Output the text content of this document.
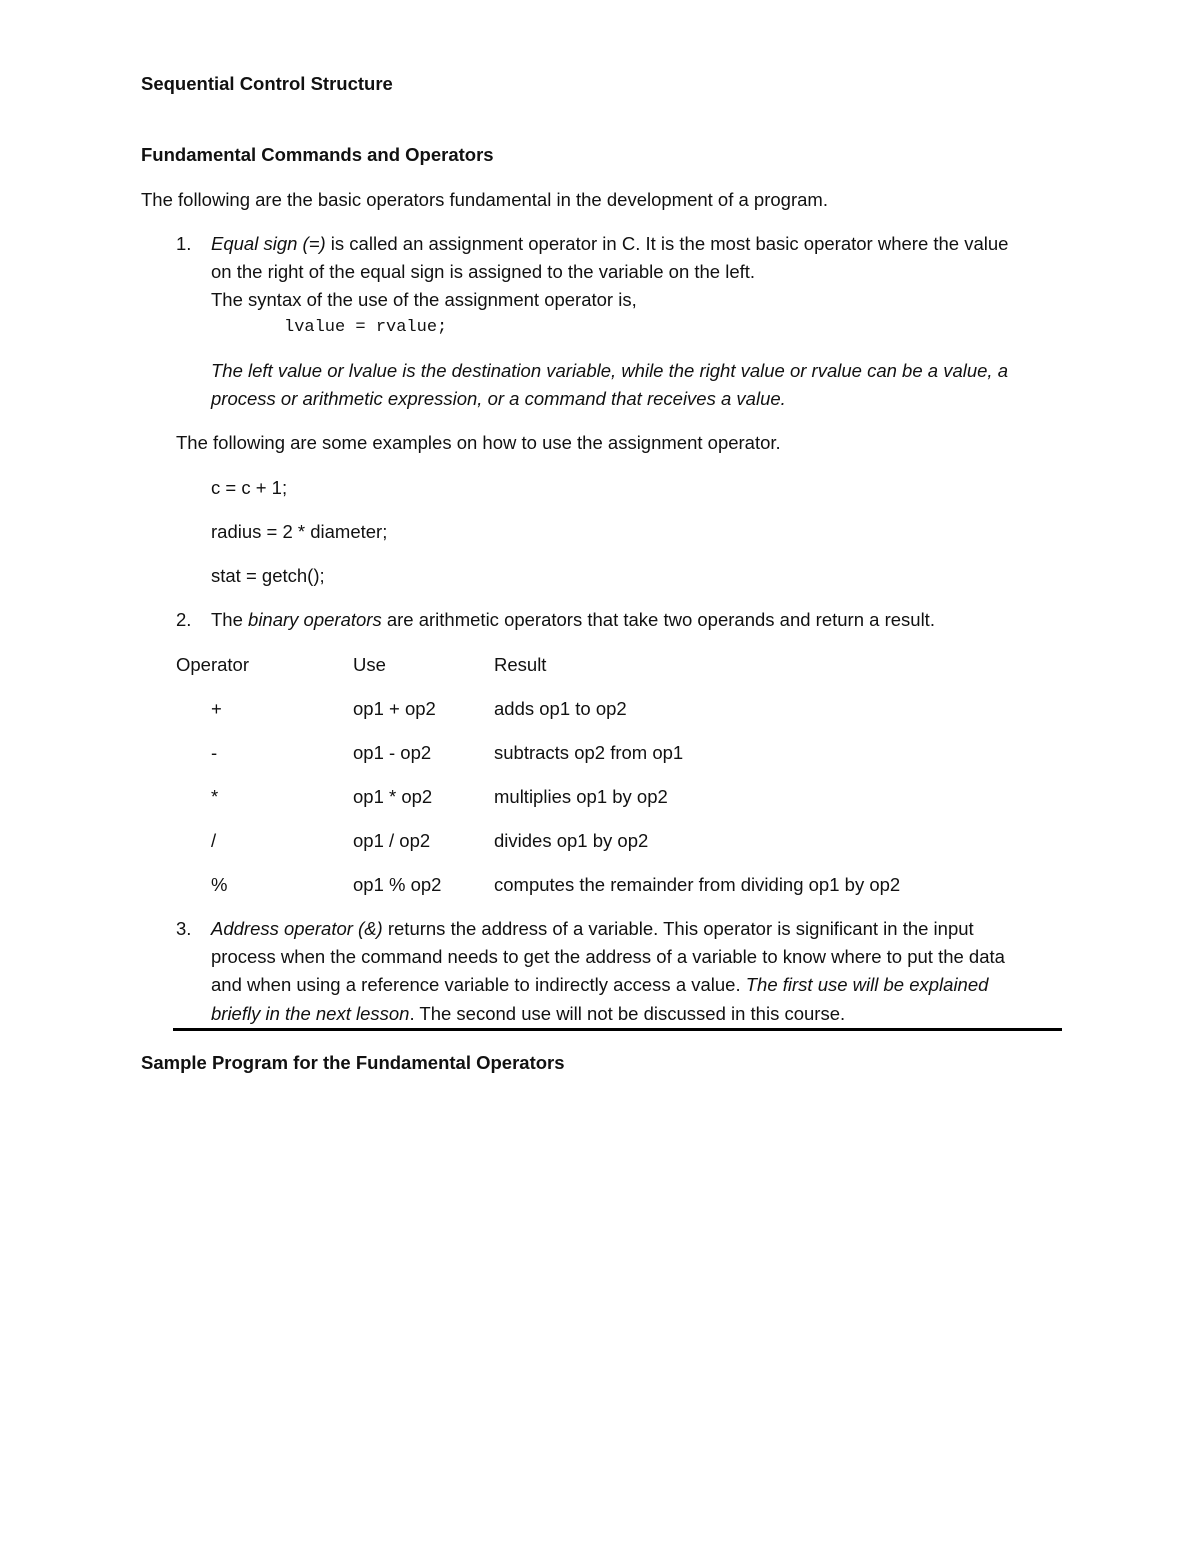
Sequential Control Structure
Fundamental Commands and Operators
The following are the basic operators fundamental in the development of a program.
1. Equal sign (=) is called an assignment operator in C. It is the most basic operator where the value
on the right of the equal sign is assigned to the variable on the left.
The syntax of the use of the assignment operator is,
lvalue = rvalue;
The left value or lvalue is the destination variable, while the right value or rvalue can be a value, a
process or arithmetic expression, or a command that receives a value.
The following are some examples on how to use the assignment operator.
c = c + 1;
radius = 2 * diameter;
stat = getch();
2. The binary operators are arithmetic operators that take two operands and return a result.
Operator	Use	Result
+	op1 + op2	adds op1 to op2
-	op1 - op2	subtracts op2 from op1
*	op1 * op2	multiplies op1 by op2
/	op1 / op2	divides op1 by op2
%	op1 % op2	computes the remainder from dividing op1 by op2
3. Address operator (&) returns the address of a variable. This operator is significant in the input
process when the command needs to get the address of a variable to know where to put the data
and when using a reference variable to indirectly access a value. The first use will be explained
briefly in the next lesson. The second use will not be discussed in this course.
Sample Program for the Fundamental Operators
